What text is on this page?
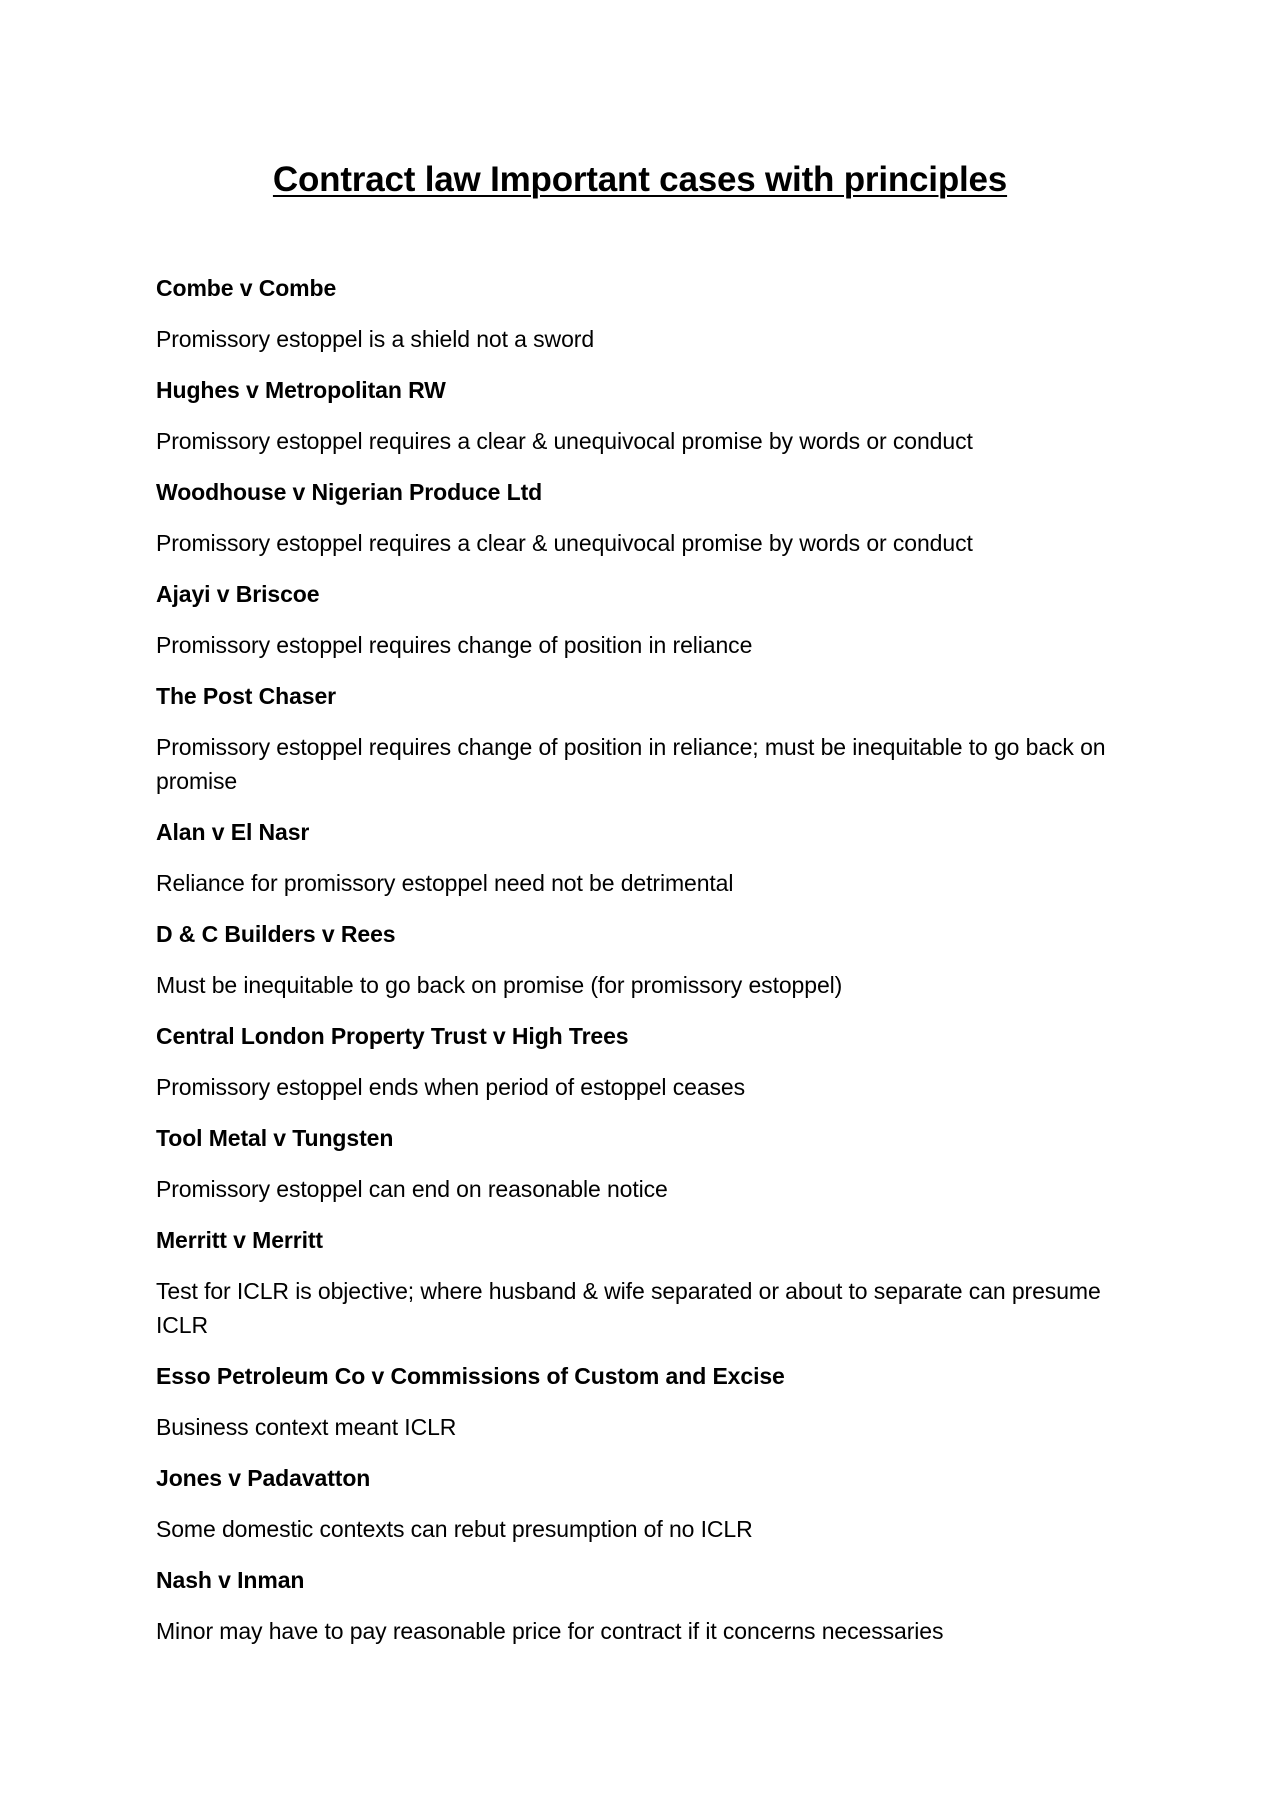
Contract law Important cases with principles
Combe v Combe
Promissory estoppel is a shield not a sword
Hughes v Metropolitan RW
Promissory estoppel requires a clear & unequivocal promise by words or conduct
Woodhouse v Nigerian Produce Ltd
Promissory estoppel requires a clear & unequivocal promise by words or conduct
Ajayi v Briscoe
Promissory estoppel requires change of position in reliance
The Post Chaser
Promissory estoppel requires change of position in reliance; must be inequitable to go back on promise
Alan v El Nasr
Reliance for promissory estoppel need not be detrimental
D & C Builders v Rees
Must be inequitable to go back on promise (for promissory estoppel)
Central London Property Trust v High Trees
Promissory estoppel ends when period of estoppel ceases
Tool Metal v Tungsten
Promissory estoppel can end on reasonable notice
Merritt v Merritt
Test for ICLR is objective; where husband & wife separated or about to separate can presume ICLR
Esso Petroleum Co v Commissions of Custom and Excise
Business context meant ICLR
Jones v Padavatton
Some domestic contexts can rebut presumption of no ICLR
Nash v Inman
Minor may have to pay reasonable price for contract if it concerns necessaries
